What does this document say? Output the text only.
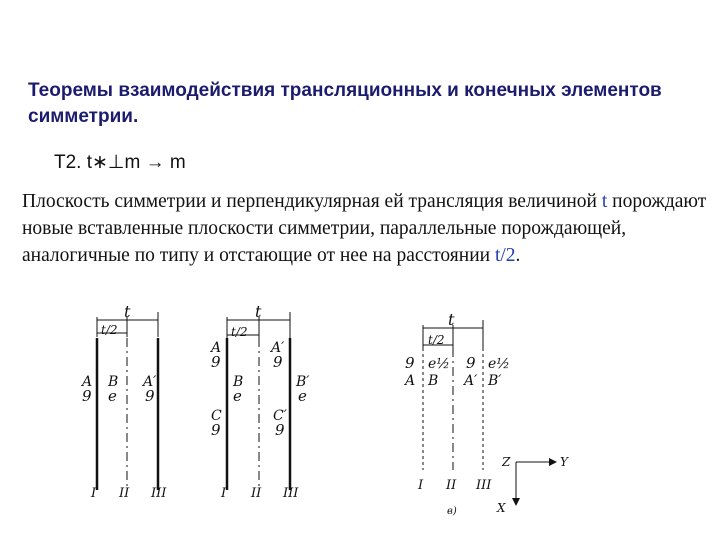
Теоремы взаимодействия трансляционных и конечных элементов симметрии.
Т2. t∗⊥m → m
Плоскость симметрии и перпендикулярная ей трансляция величиной t порождают новые вставленные плоскости симметрии, параллельные порождающей, аналогичные по типу и отстающие от нее на расстоянии t/2.
t
t/2
A
9
B
e
A′
9
I II III
t
t/2
A
9
A′
9
B
e
B′
e
C
9
C′
9
I II III
t
t/2
9
A
e½
B
9
A′
e½
B′
I II III
Z	Y
X
в)
